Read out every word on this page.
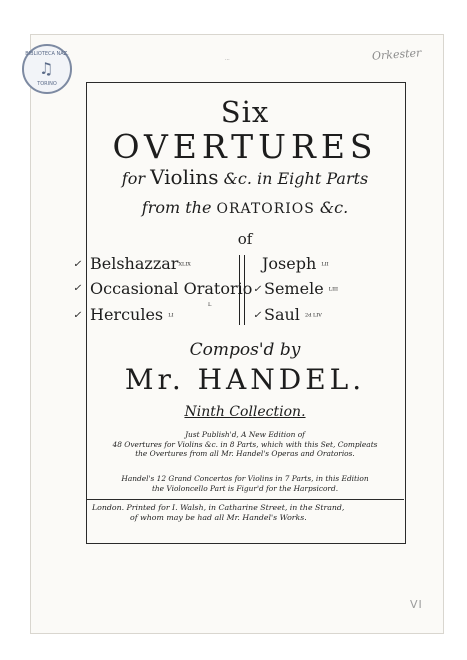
BIBLIOTECA NAZ.
♫
TORINO
Orkester
...
Six
OVERTURES
for Violins &c. in Eight Parts
from the ORATORIOS &c.
of
✓ BelshazzarXLIX
✓ Occasional Oratorio
L
✓ Hercules LI
Joseph LII
✓ Semele LIII
✓ Saul 2d LIV
Compos'd by
Mr. HANDEL.
Ninth Collection.
Just Publish'd, A New Edition of
48 Overtures for Violins &c. in 8 Parts, which with this Set, Compleats
the Overtures from all Mr. Handel's Operas and Oratorios.
Handel's 12 Grand Concertos for Violins in 7 Parts, in this Edition
the Violoncello Part is Figur'd for the Harpsicord.
London. Printed for I. Walsh, in Catharine Street, in the Strand,
of whom may be had all Mr. Handel's Works.
VI
